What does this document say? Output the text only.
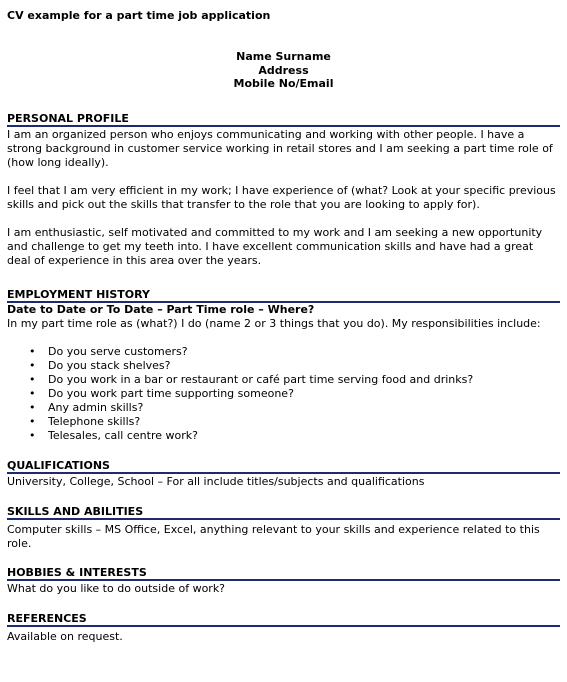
CV example for a part time job application
Name Surname
Address
Mobile No/Email
PERSONAL PROFILE
I am an organized person who enjoys communicating and working with other people. I have a strong background in customer service working in retail stores and I am seeking a part time role of (how long ideally).
I feel that I am very efficient in my work; I have experience of (what? Look at your specific previous skills and pick out the skills that transfer to the role that you are looking to apply for).
I am enthusiastic, self motivated and committed to my work and I am seeking a new opportunity and challenge to get my teeth into. I have excellent communication skills and have had a great deal of experience in this area over the years.
EMPLOYMENT HISTORY
Date to Date or To Date – Part Time role – Where?
In my part time role as (what?) I do (name 2 or 3 things that you do). My responsibilities include:
• Do you serve customers?
• Do you stack shelves?
• Do you work in a bar or restaurant or café part time serving food and drinks?
• Do you work part time supporting someone?
• Any admin skills?
• Telephone skills?
• Telesales, call centre work?
QUALIFICATIONS
University, College, School – For all include titles/subjects and qualifications
SKILLS AND ABILITIES
Computer skills – MS Office, Excel, anything relevant to your skills and experience related to this role.
HOBBIES & INTERESTS
What do you like to do outside of work?
REFERENCES
Available on request.
